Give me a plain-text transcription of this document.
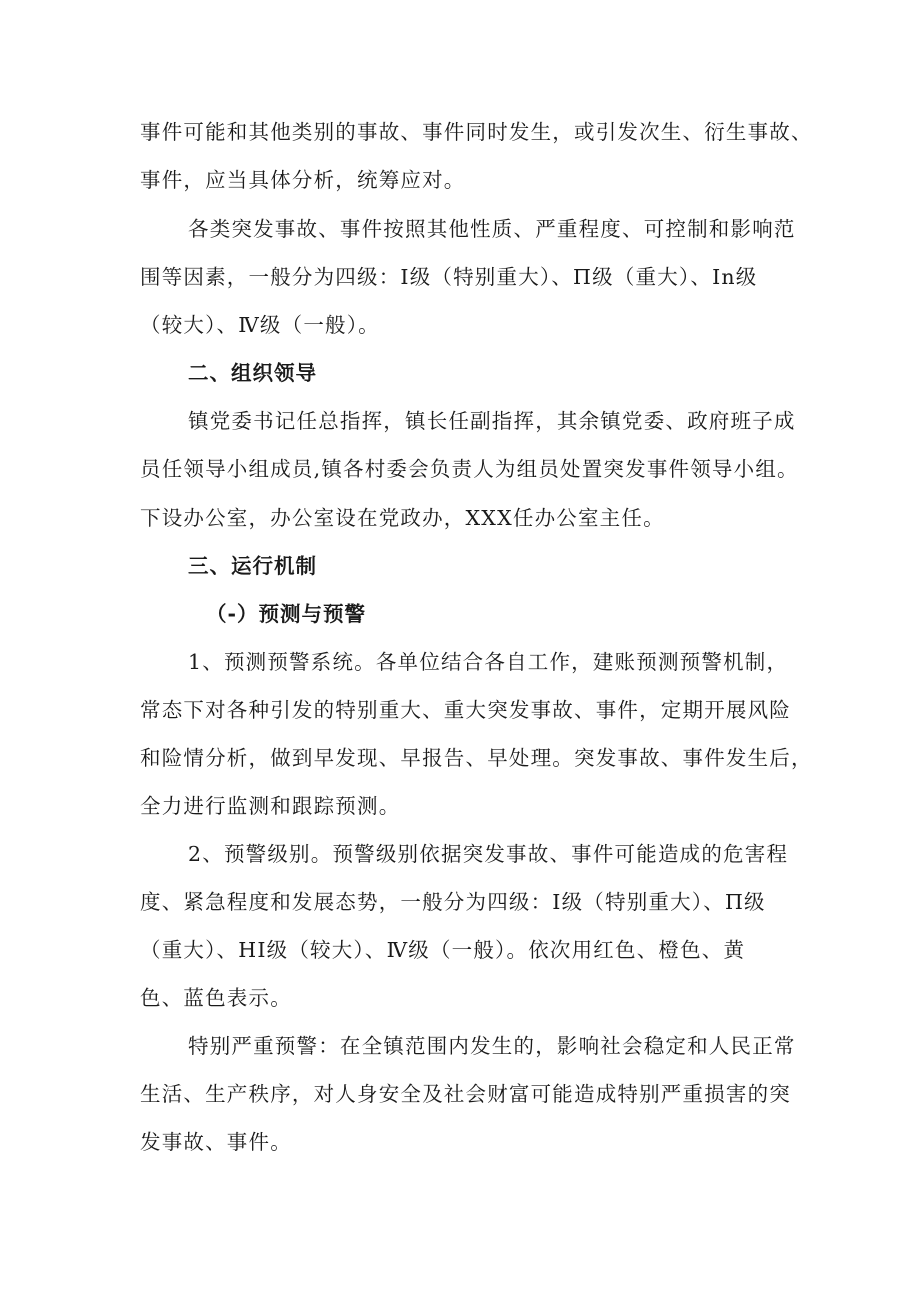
事件可能和其他类别的事故、事件同时发生，或引发次生、衍生事故、
事件，应当具体分析，统筹应对。
各类突发事故、事件按照其他性质、严重程度、可控制和影响范
围等因素，一般分为四级：Ⅰ级（特别重大）、Π级（重大）、In级
（较大）、Ⅳ级（一般）。
二、组织领导
镇党委书记任总指挥，镇长任副指挥，其余镇党委、政府班子成
员任领导小组成员,镇各村委会负责人为组员处置突发事件领导小组。
下设办公室，办公室设在党政办，XXX任办公室主任。
三、运行机制
（-）预测与预警
1、预测预警系统。各单位结合各自工作，建账预测预警机制，
常态下对各种引发的特别重大、重大突发事故、事件，定期开展风险
和险情分析，做到早发现、早报告、早处理。突发事故、事件发生后，
全力进行监测和跟踪预测。
2、预警级别。预警级别依据突发事故、事件可能造成的危害程
度、紧急程度和发展态势，一般分为四级：Ⅰ级（特别重大）、Π级
（重大）、HI级（较大）、Ⅳ级（一般）。依次用红色、橙色、黄
色、蓝色表示。
特别严重预警：在全镇范围内发生的，影响社会稳定和人民正常
生活、生产秩序，对人身安全及社会财富可能造成特别严重损害的突
发事故、事件。
